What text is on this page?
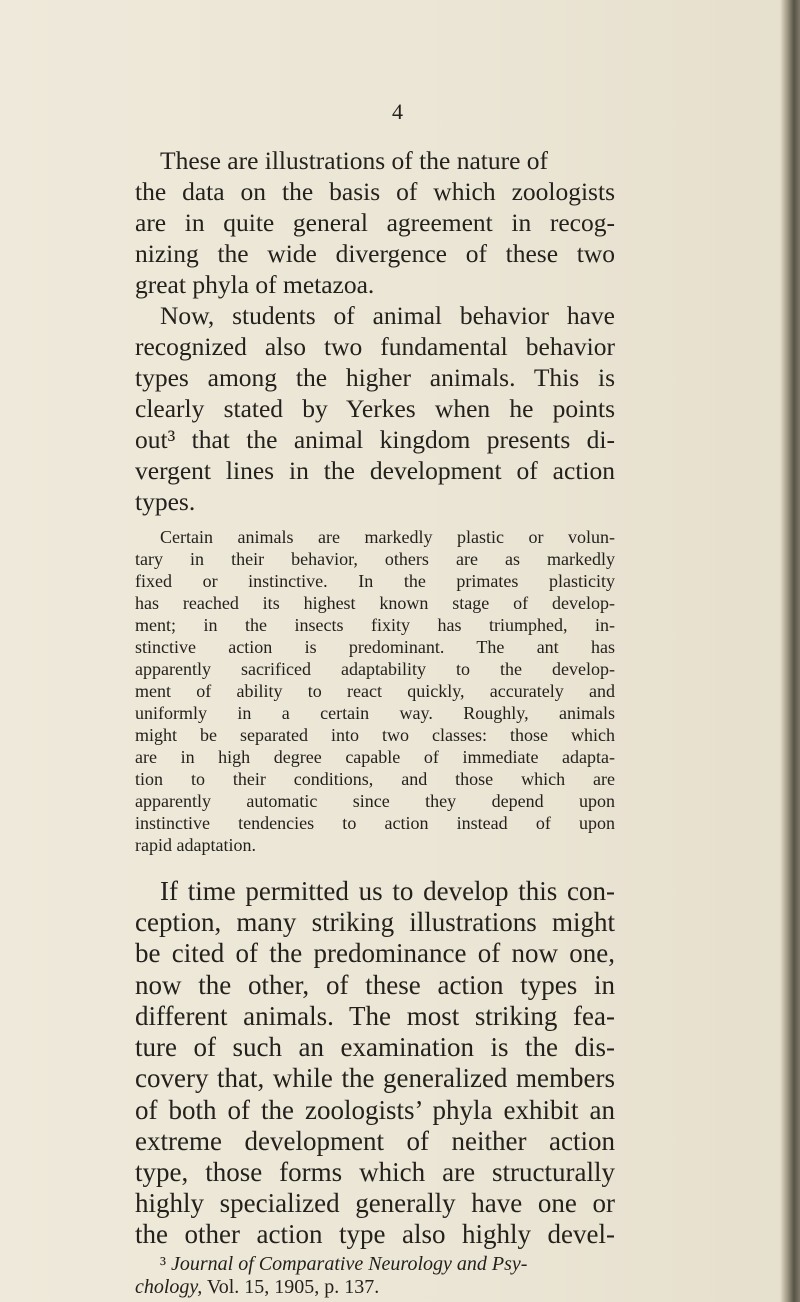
4
These are illustrations of the nature of
the data on the basis of which zoologists
are in quite general agreement in recog-
nizing the wide divergence of these two
great phyla of metazoa.
Now, students of animal behavior have
recognized also two fundamental behavior
types among the higher animals. This is
clearly stated by Yerkes when he points
out³ that the animal kingdom presents di-
vergent lines in the development of action
types.
Certain animals are markedly plastic or volun-
tary in their behavior, others are as markedly
fixed or instinctive. In the primates plasticity
has reached its highest known stage of develop-
ment; in the insects fixity has triumphed, in-
stinctive action is predominant. The ant has
apparently sacrificed adaptability to the develop-
ment of ability to react quickly, accurately and
uniformly in a certain way. Roughly, animals
might be separated into two classes: those which
are in high degree capable of immediate adapta-
tion to their conditions, and those which are
apparently automatic since they depend upon
instinctive tendencies to action instead of upon
rapid adaptation.
If time permitted us to develop this con-
ception, many striking illustrations might
be cited of the predominance of now one,
now the other, of these action types in
different animals. The most striking fea-
ture of such an examination is the dis-
covery that, while the generalized members
of both of the zoologists’ phyla exhibit an
extreme development of neither action
type, those forms which are structurally
highly specialized generally have one or
the other action type also highly devel-
³ Journal of Comparative Neurology and Psy-
chology, Vol. 15, 1905, p. 137.
